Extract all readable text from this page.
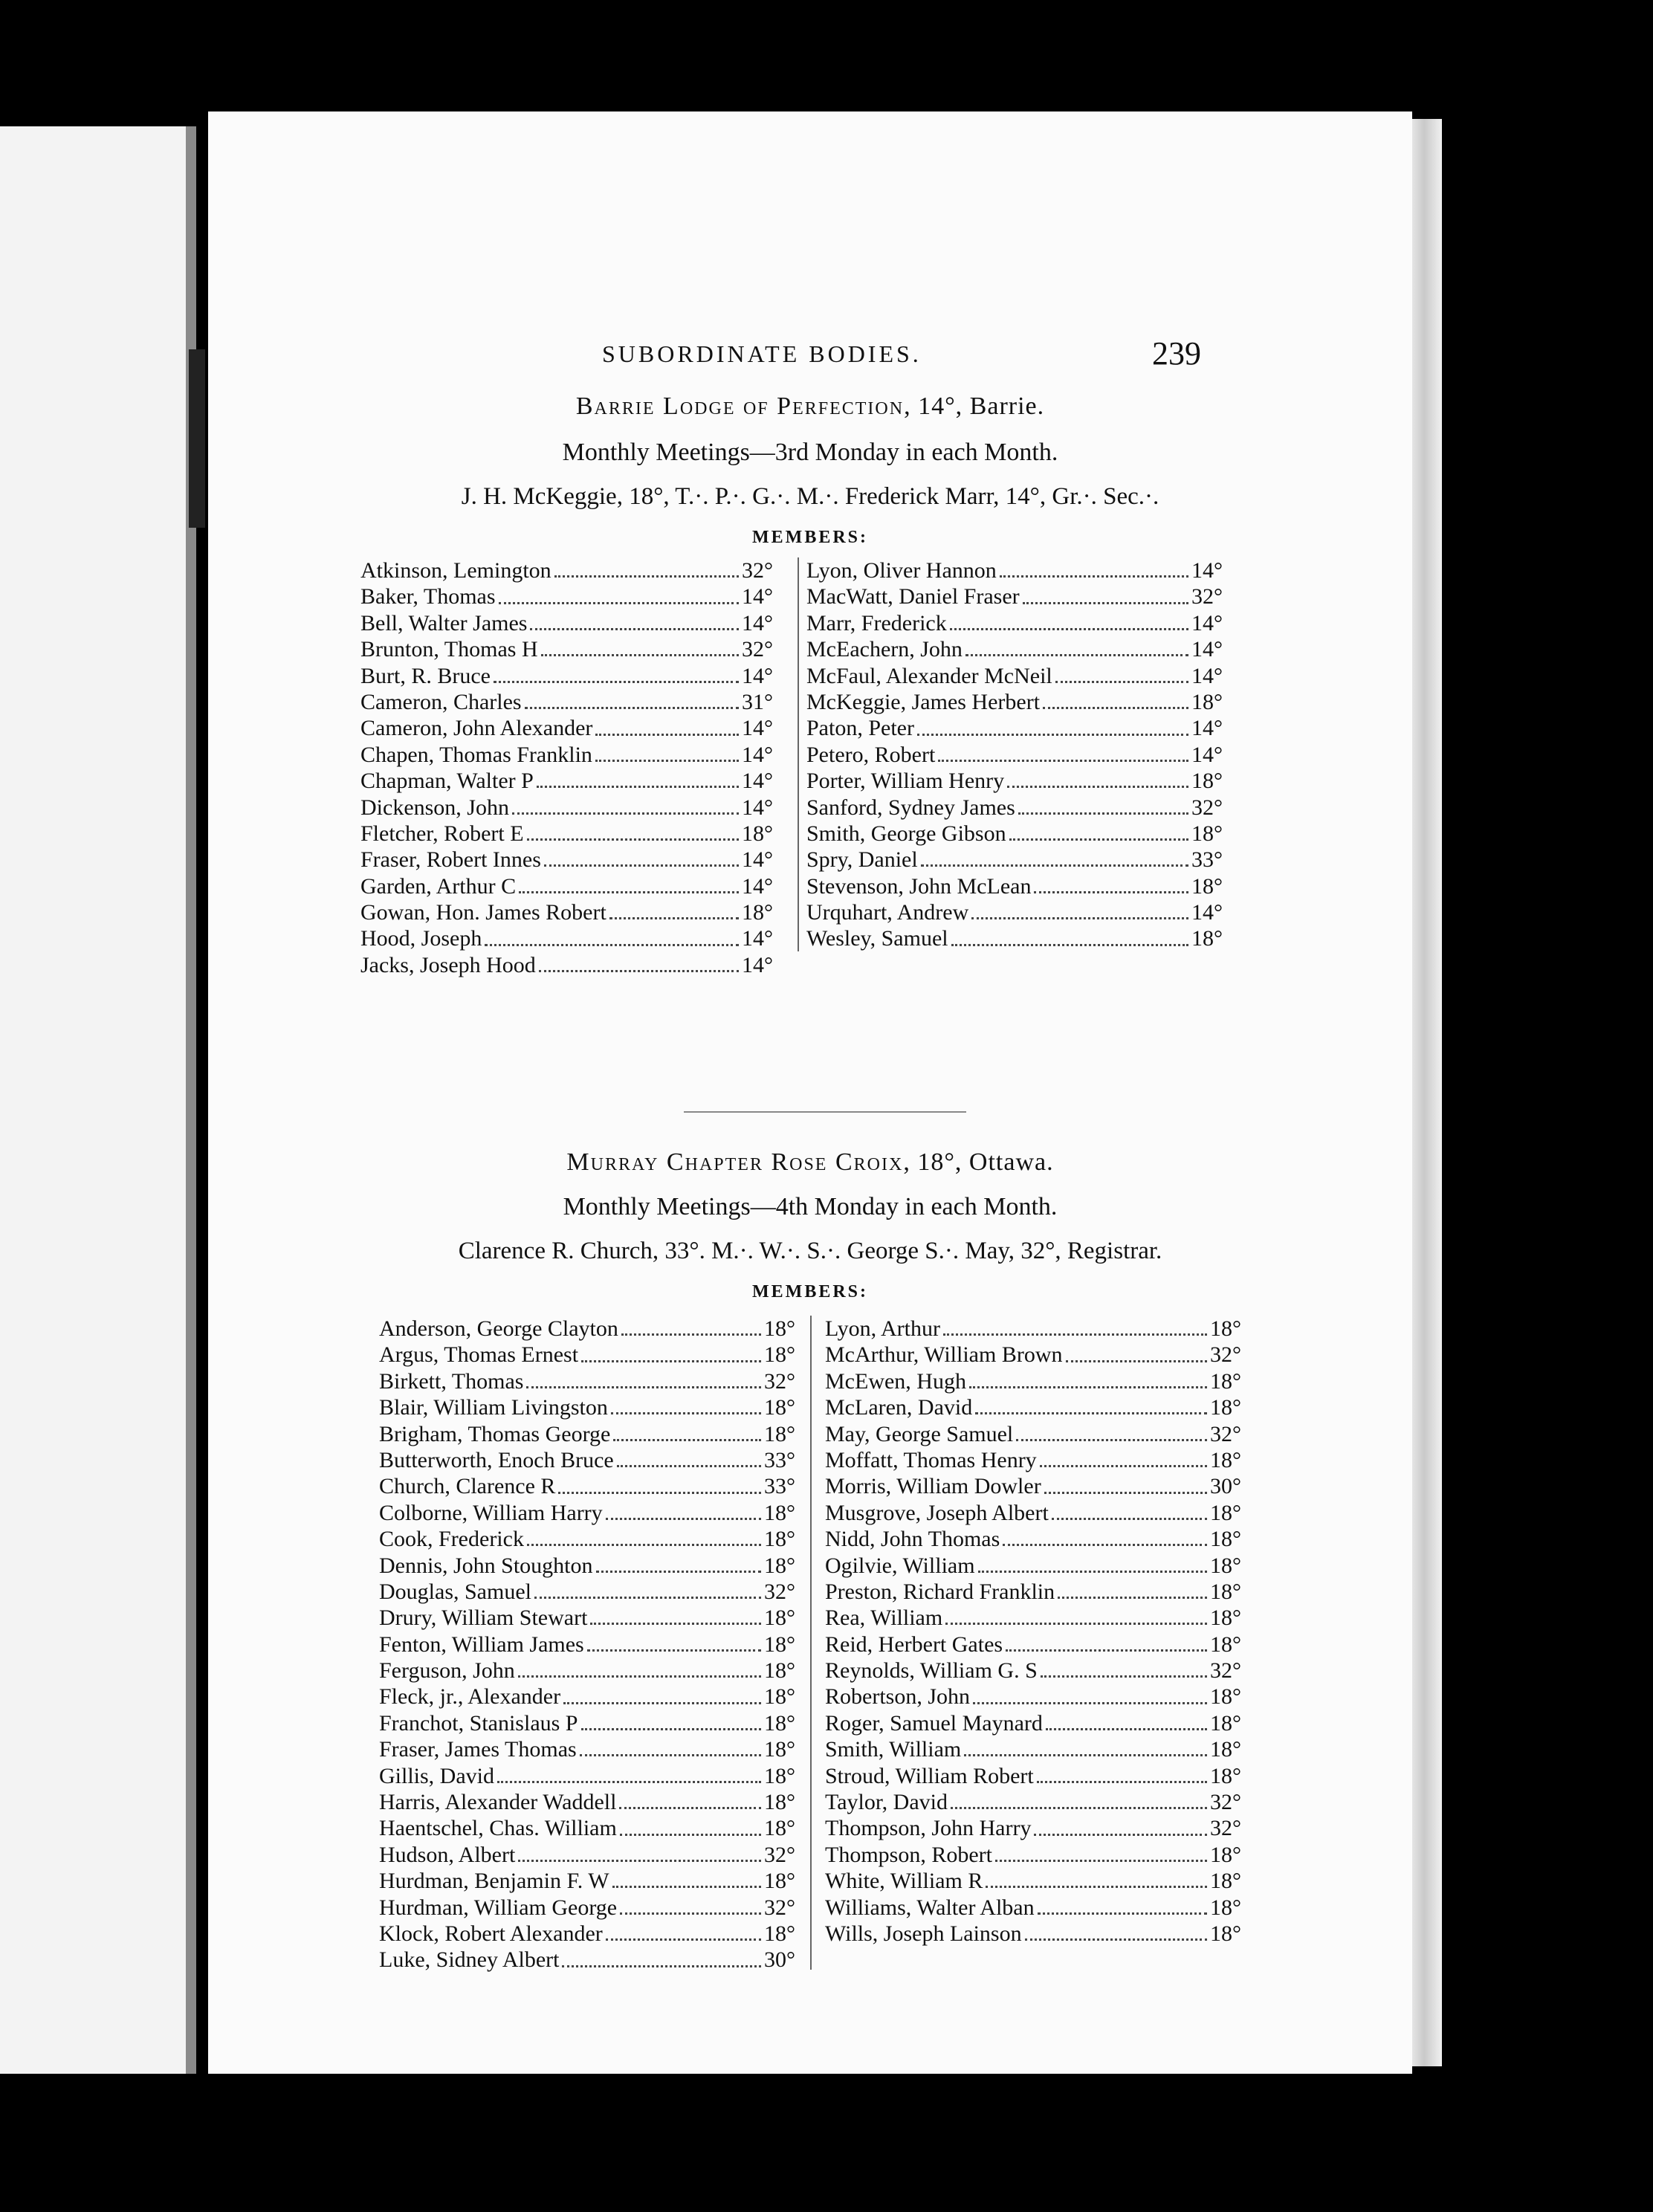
SUBORDINATE BODIES.	239
Barrie Lodge of Perfection, 14°, Barrie.
Monthly Meetings—3rd Monday in each Month.
J. H. McKeggie, 18°, T.·. P.·. G.·. M.·. Frederick Marr, 14°, Gr.·. Sec.·.
MEMBERS:
Atkinson, Lemington	32°
Baker, Thomas	14°
Bell, Walter James	14°
Brunton, Thomas H	32°
Burt, R. Bruce	14°
Cameron, Charles	31°
Cameron, John Alexander	14°
Chapen, Thomas Franklin	14°
Chapman, Walter P	14°
Dickenson, John	14°
Fletcher, Robert E	18°
Fraser, Robert Innes	14°
Garden, Arthur C	14°
Gowan, Hon. James Robert	18°
Hood, Joseph	14°
Jacks, Joseph Hood	14°
Lyon, Oliver Hannon	14°
MacWatt, Daniel Fraser	32°
Marr, Frederick	14°
McEachern, John	14°
McFaul, Alexander McNeil	14°
McKeggie, James Herbert	18°
Paton, Peter	14°
Petero, Robert	14°
Porter, William Henry	18°
Sanford, Sydney James	32°
Smith, George Gibson	18°
Spry, Daniel	33°
Stevenson, John McLean	18°
Urquhart, Andrew	14°
Wesley, Samuel	18°
Murray Chapter Rose Croix, 18°, Ottawa.
Monthly Meetings—4th Monday in each Month.
Clarence R. Church, 33°. M.·. W.·. S.·. George S.·. May, 32°, Registrar.
MEMBERS:
Anderson, George Clayton	18°
Argus, Thomas Ernest	18°
Birkett, Thomas	32°
Blair, William Livingston	18°
Brigham, Thomas George	18°
Butterworth, Enoch Bruce	33°
Church, Clarence R	33°
Colborne, William Harry	18°
Cook, Frederick	18°
Dennis, John Stoughton	18°
Douglas, Samuel	32°
Drury, William Stewart	18°
Fenton, William James	18°
Ferguson, John	18°
Fleck, jr., Alexander	18°
Franchot, Stanislaus P	18°
Fraser, James Thomas	18°
Gillis, David	18°
Harris, Alexander Waddell	18°
Haentschel, Chas. William	18°
Hudson, Albert	32°
Hurdman, Benjamin F. W	18°
Hurdman, William George	32°
Klock, Robert Alexander	18°
Luke, Sidney Albert	30°
Lyon, Arthur	18°
McArthur, William Brown	32°
McEwen, Hugh	18°
McLaren, David	18°
May, George Samuel	32°
Moffatt, Thomas Henry	18°
Morris, William Dowler	30°
Musgrove, Joseph Albert	18°
Nidd, John Thomas	18°
Ogilvie, William	18°
Preston, Richard Franklin	18°
Rea, William	18°
Reid, Herbert Gates	18°
Reynolds, William G. S	32°
Robertson, John	18°
Roger, Samuel Maynard	18°
Smith, William	18°
Stroud, William Robert	18°
Taylor, David	32°
Thompson, John Harry	32°
Thompson, Robert	18°
White, William R	18°
Williams, Walter Alban	18°
Wills, Joseph Lainson	18°
